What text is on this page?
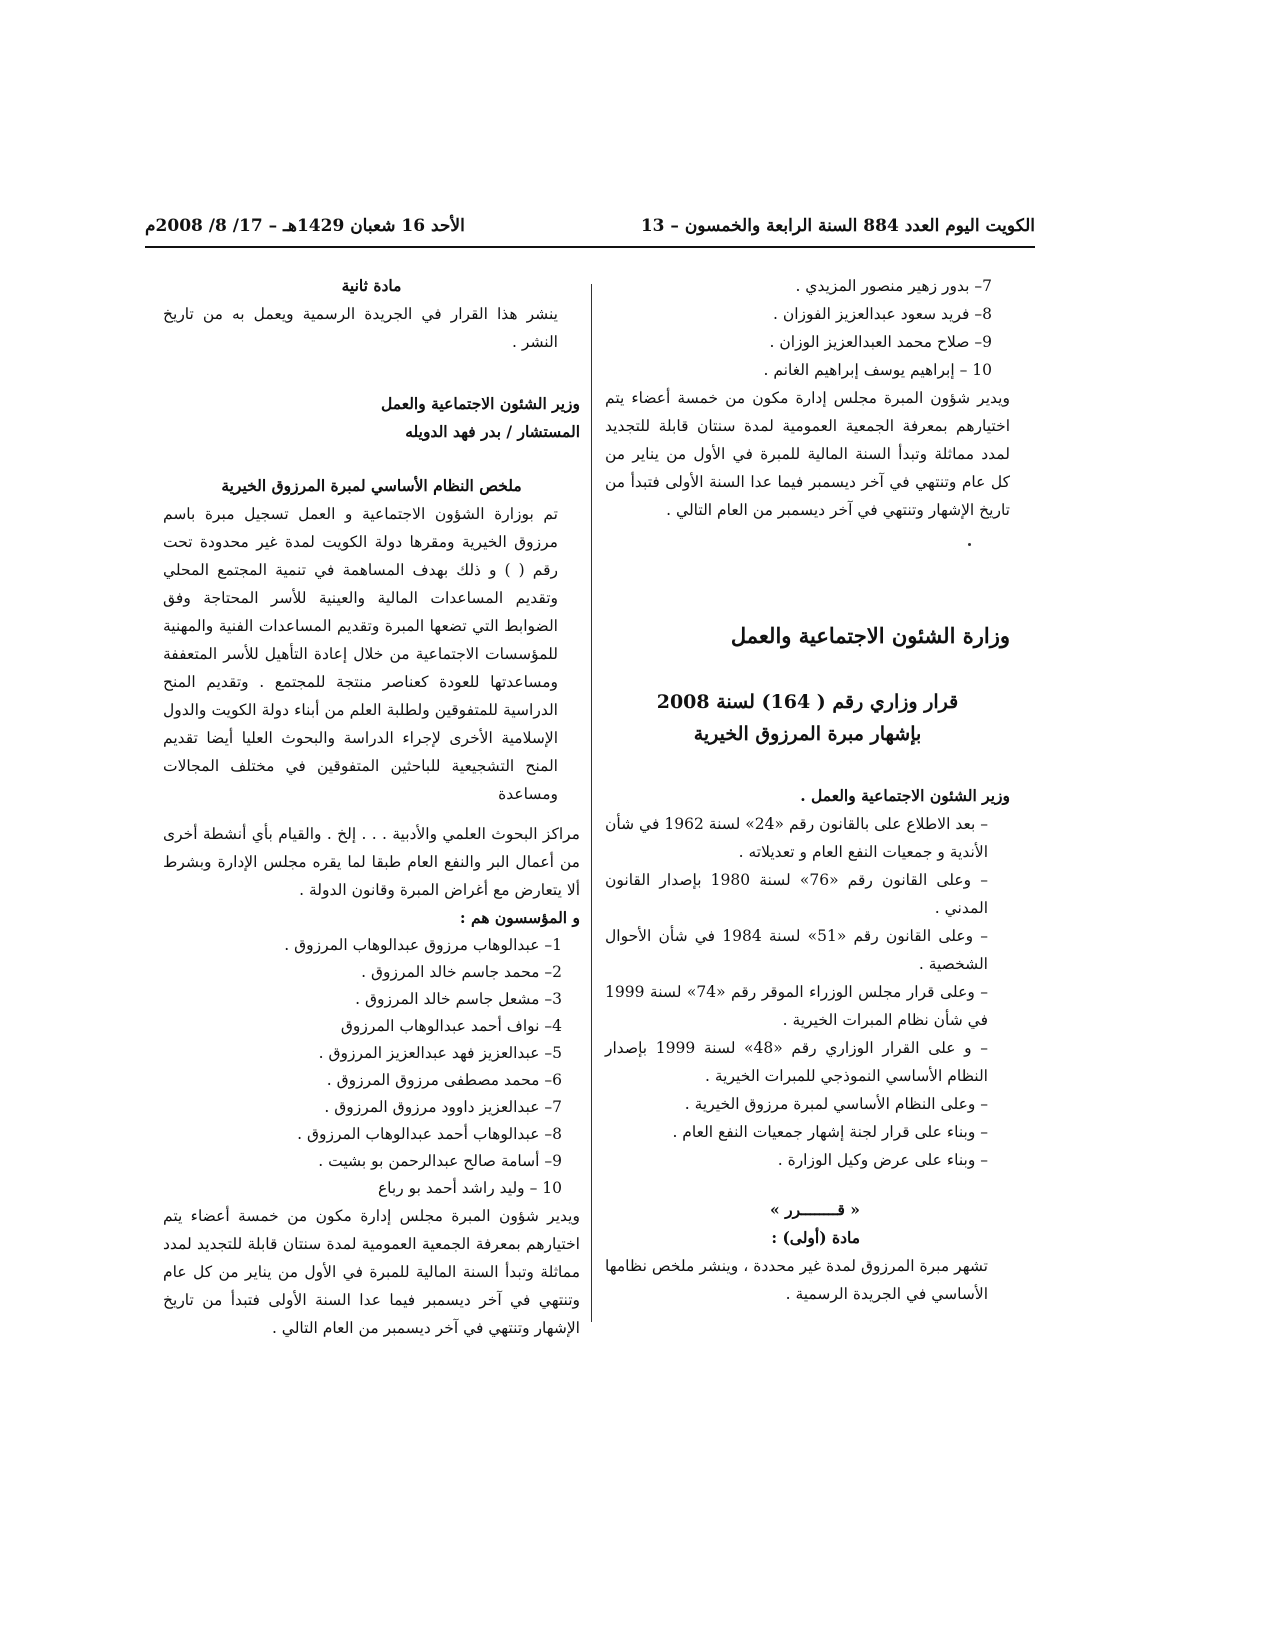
الكويت اليوم العدد 884 السنة الرابعة والخمسون – 13
الأحد 16 شعبان 1429هـ – 17/ 8/ 2008م

7– بدور زهير منصور المزيدي .

8– فريد سعود عبدالعزيز الفوزان .

9– صلاح محمد العبدالعزيز الوزان .

10 – إبراهيم يوسف إبراهيم الغانم .

ويدير شؤون المبرة مجلس إدارة مكون من خمسة أعضاء يتم اختيارهم بمعرفة الجمعية العمومية لمدة سنتان قابلة للتجديد لمدد مماثلة وتبدأ السنة المالية للمبرة في الأول من يناير من كل عام وتنتهي في آخر ديسمبر فيما عدا السنة الأولى فتبدأ من تاريخ الإشهار وتنتهي في آخر ديسمبر من العام التالي .

وزارة الشئون الاجتماعية والعمل

قرار وزاري رقم ( 164) لسنة 2008

بإشهار مبرة المرزوق الخيرية

وزير الشئون الاجتماعية والعمل .

– بعد الاطلاع على بالقانون رقم «24» لسنة 1962 في شأن الأندية و جمعيات النفع العام و تعديلاته .

– وعلى القانون رقم «76» لسنة 1980 بإصدار القانون المدني .

– وعلى القانون رقم «51» لسنة 1984 في شأن الأحوال الشخصية .

– وعلى قرار مجلس الوزراء الموقر رقم «74» لسنة 1999 في شأن نظام المبرات الخيرية .

– و على القرار الوزاري رقم «48» لسنة 1999 بإصدار النظام الأساسي النموذجي للمبرات الخيرية .

– وعلى النظام الأساسي لمبرة مرزوق الخيرية .

– وبناء على قرار لجنة إشهار جمعيات النفع العام .

– وبناء على عرض وكيل الوزارة .

« قــــــــرر »

مادة (أولى) :

تشهر مبرة المرزوق لمدة غير محددة ، وينشر ملخص نظامها الأساسي في الجريدة الرسمية .

مادة ثانية

ينشر هذا القرار في الجريدة الرسمية ويعمل به من تاريخ النشر .

وزير الشئون الاجتماعية والعمل

المستشار / بدر فهد الدويله

ملخص النظام الأساسي لمبرة المرزوق الخيرية

تم بوزارة الشؤون الاجتماعية و العمل تسجيل مبرة باسم مرزوق الخيرية ومقرها دولة الكويت لمدة غير محدودة تحت رقم ( ) و ذلك بهدف المساهمة في تنمية المجتمع المحلي وتقديم المساعدات المالية والعينية للأسر المحتاجة وفق الضوابط التي تضعها المبرة وتقديم المساعدات الفنية والمهنية للمؤسسات الاجتماعية من خلال إعادة التأهيل للأسر المتعففة ومساعدتها للعودة كعناصر منتجة للمجتمع . وتقديم المنح الدراسية للمتفوقين ولطلبة العلم من أبناء دولة الكويت والدول الإسلامية الأخرى لإجراء الدراسة والبحوث العليا أيضا تقديم المنح التشجيعية للباحثين المتفوقين في مختلف المجالات ومساعدة

مراكز البحوث العلمي والأدبية . . . إلخ . والقيام بأي أنشطة أخرى من أعمال البر والنفع العام طبقا لما يقره مجلس الإدارة وبشرط ألا يتعارض مع أغراض المبرة وقانون الدولة .

و المؤسسون هم :

1– عبدالوهاب مرزوق عبدالوهاب المرزوق .

2– محمد جاسم خالد المرزوق .

3– مشعل جاسم خالد المرزوق .

4– نواف أحمد عبدالوهاب المرزوق

5– عبدالعزيز فهد عبدالعزيز المرزوق .

6– محمد مصطفى مرزوق المرزوق .

7– عبدالعزيز داوود مرزوق المرزوق .

8– عبدالوهاب أحمد عبدالوهاب المرزوق .

9– أسامة صالح عبدالرحمن بو بشيت .

10 – وليد راشد أحمد بو رباع

ويدير شؤون المبرة مجلس إدارة مكون من خمسة أعضاء يتم اختيارهم بمعرفة الجمعية العمومية لمدة سنتان قابلة للتجديد لمدد مماثلة وتبدأ السنة المالية للمبرة في الأول من يناير من كل عام وتنتهي في آخر ديسمبر فيما عدا السنة الأولى فتبدأ من تاريخ الإشهار وتنتهي في آخر ديسمبر من العام التالي .
